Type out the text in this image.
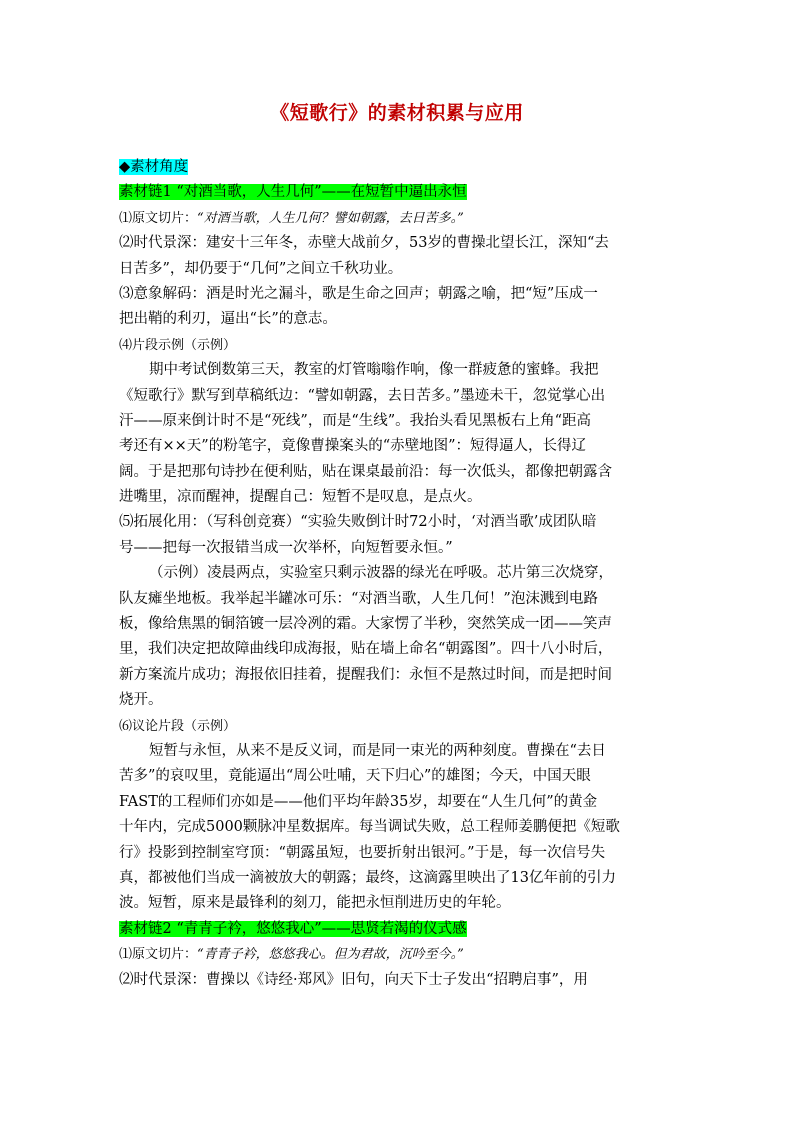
《短歌行》的素材积累与应用
◆素材角度
素材链1 “对酒当歌，人生几何”——在短暂中逼出永恒
⑴原文切片：“对酒当歌，人生几何？譬如朝露，去日苦多。”
⑵时代景深：建安十三年冬，赤壁大战前夕，53岁的曹操北望长江，深知“去
日苦多”，却仍要于“几何”之间立千秋功业。
⑶意象解码：酒是时光之漏斗，歌是生命之回声；朝露之喻，把“短”压成一
把出鞘的利刃，逼出“长”的意志。
⑷片段示例（示例）
期中考试倒数第三天，教室的灯管嗡嗡作响，像一群疲惫的蜜蜂。我把
《短歌行》默写到草稿纸边：“譬如朝露，去日苦多。”墨迹未干，忽觉掌心出
汗——原来倒计时不是“死线”，而是“生线”。我抬头看见黑板右上角“距高
考还有××天”的粉笔字，竟像曹操案头的“赤壁地图”：短得逼人，长得辽
阔。于是把那句诗抄在便利贴，贴在课桌最前沿：每一次低头，都像把朝露含
进嘴里，凉而醒神，提醒自己：短暂不是叹息，是点火。
⑸拓展化用：（写科创竞赛）“实验失败倒计时72小时，‘对酒当歌’成团队暗
号——把每一次报错当成一次举杯，向短暂要永恒。”
（示例）凌晨两点，实验室只剩示波器的绿光在呼吸。芯片第三次烧穿，
队友瘫坐地板。我举起半罐冰可乐：“对酒当歌，人生几何！”泡沫溅到电路
板，像给焦黑的铜箔镀一层冷冽的霜。大家愣了半秒，突然笑成一团——笑声
里，我们决定把故障曲线印成海报，贴在墙上命名“朝露图”。四十八小时后，
新方案流片成功；海报依旧挂着，提醒我们：永恒不是熬过时间，而是把时间
烧开。
⑹议论片段（示例）
短暂与永恒，从来不是反义词，而是同一束光的两种刻度。曹操在“去日
苦多”的哀叹里，竟能逼出“周公吐哺，天下归心”的雄图；今天，中国天眼
FAST的工程师们亦如是——他们平均年龄35岁，却要在“人生几何”的黄金
十年内，完成5000颗脉冲星数据库。每当调试失败，总工程师姜鹏便把《短歌
行》投影到控制室穹顶：“朝露虽短，也要折射出银河。”于是，每一次信号失
真，都被他们当成一滴被放大的朝露；最终，这滴露里映出了13亿年前的引力
波。短暂，原来是最锋利的刻刀，能把永恒削进历史的年轮。
素材链2 “青青子衿，悠悠我心”——思贤若渴的仪式感
⑴原文切片：“青青子衿，悠悠我心。但为君故，沉吟至今。”
⑵时代景深：曹操以《诗经·郑风》旧句，向天下士子发出“招聘启事”，用
